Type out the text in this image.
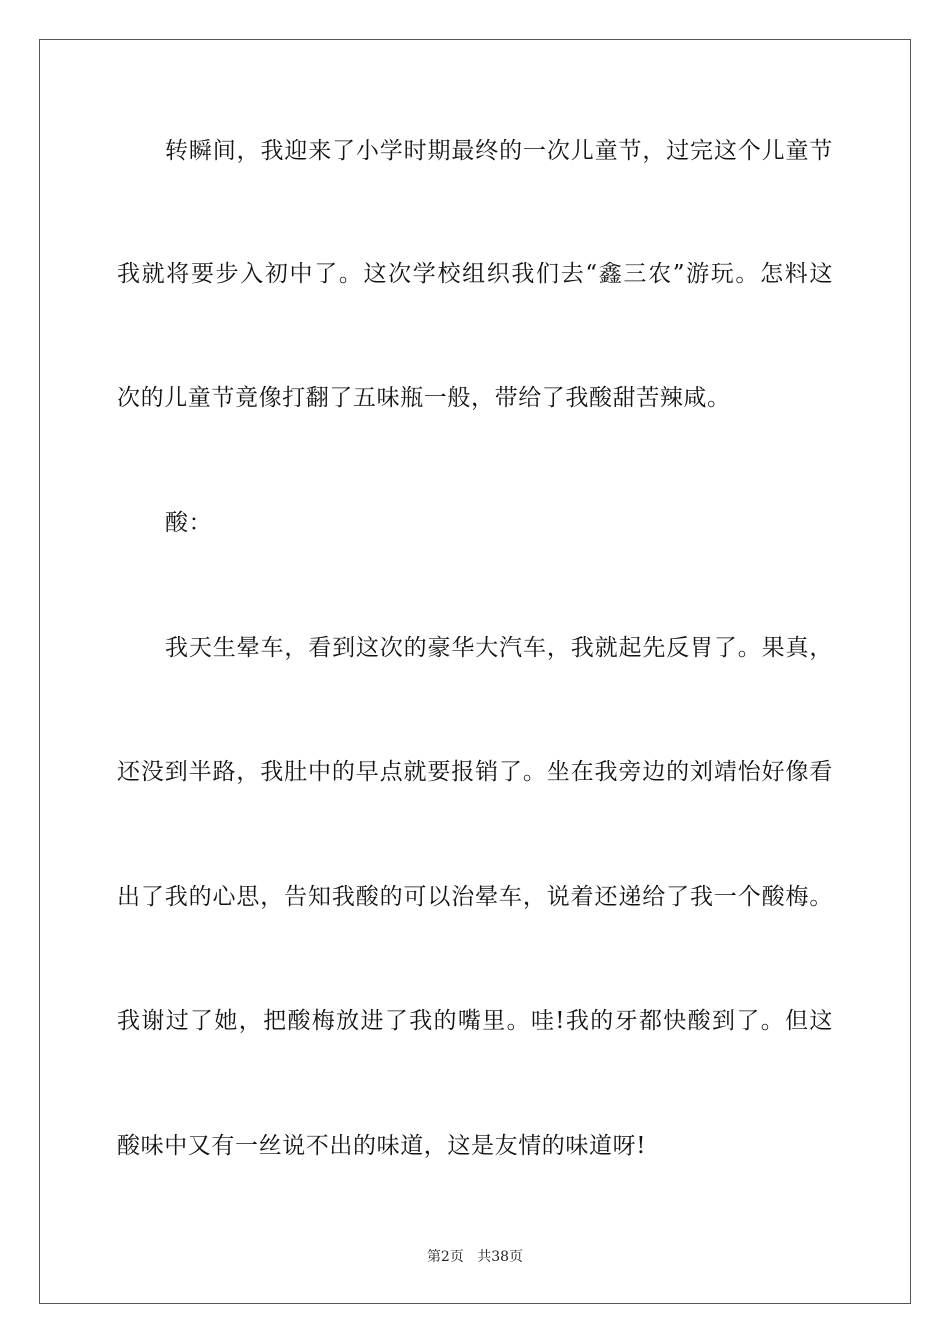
转瞬间，我迎来了小学时期最终的一次儿童节，过完这个儿童节
我就将要步入初中了。这次学校组织我们去“鑫三农”游玩。怎料这
次的儿童节竟像打翻了五味瓶一般，带给了我酸甜苦辣咸。
酸：
我天生晕车，看到这次的豪华大汽车，我就起先反胃了。果真，
还没到半路，我肚中的早点就要报销了。坐在我旁边的刘靖怡好像看
出了我的心思，告知我酸的可以治晕车，说着还递给了我一个酸梅。
我谢过了她，把酸梅放进了我的嘴里。哇!我的牙都快酸到了。但这
酸味中又有一丝说不出的味道，这是友情的味道呀!
第2页 共38页
